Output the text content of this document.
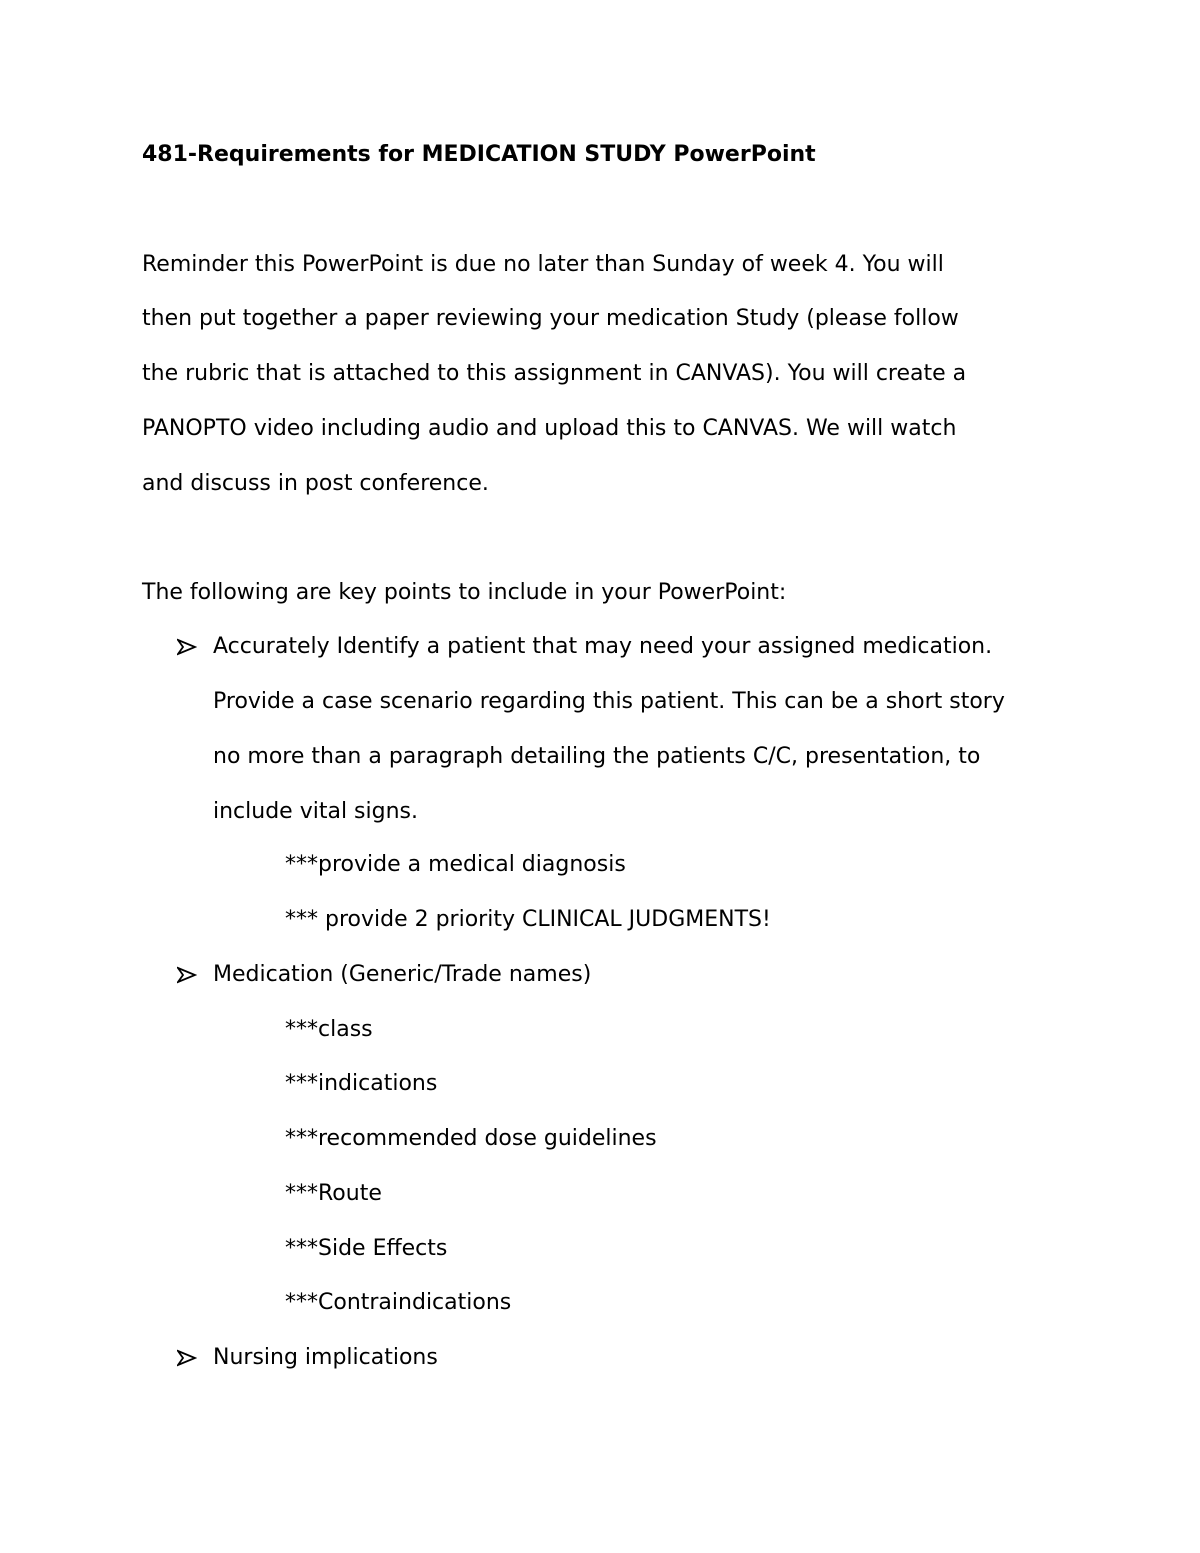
481-Requirements for MEDICATION STUDY PowerPoint

Reminder this PowerPoint is due no later than Sunday of week 4. You will

then put together a paper reviewing your medication Study (please follow

the rubric that is attached to this assignment in CANVAS). You will create a

PANOPTO video including audio and upload this to CANVAS. We will watch

and discuss in post conference.

The following are key points to include in your PowerPoint:

Accurately Identify a patient that may need your assigned medication.

Provide a case scenario regarding this patient. This can be a short story

no more than a paragraph detailing the patients C/C, presentation, to

include vital signs.

***provide a medical diagnosis

*** provide 2 priority CLINICAL JUDGMENTS!

Medication (Generic/Trade names)

***class

***indications

***recommended dose guidelines

***Route

***Side Effects

***Contraindications

Nursing implications
